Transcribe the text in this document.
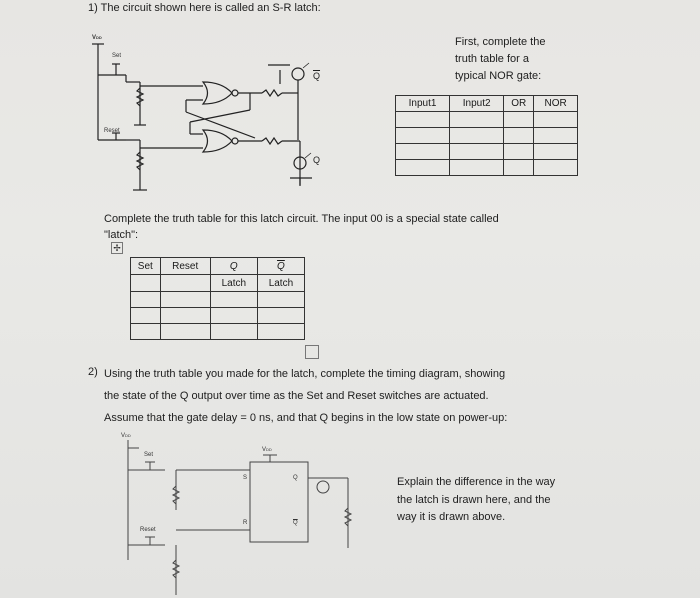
1) The circuit shown here is called an S-R latch:
VDD
Set
Reset
$\overline{Q}$
Q
First, complete the
truth table for a
typical NOR gate:
Input1	Input2	OR	NOR

Complete the truth table for this latch circuit. The input 00 is a special state called
"latch":
✢
Set	Reset	Q	$\overline{Q}$
		Latch	Latch

2) Using the truth table you made for the latch, complete the timing diagram, showing
the state of the Q output over time as the Set and Reset switches are actuated.
Assume that the gate delay = 0 ns, and that Q begins in the low state on power-up:
VDD
Set
VDD
Reset
S
R
Q
$\overline{Q}$
Explain the difference in the way
the latch is drawn here, and the
way it is drawn above.
